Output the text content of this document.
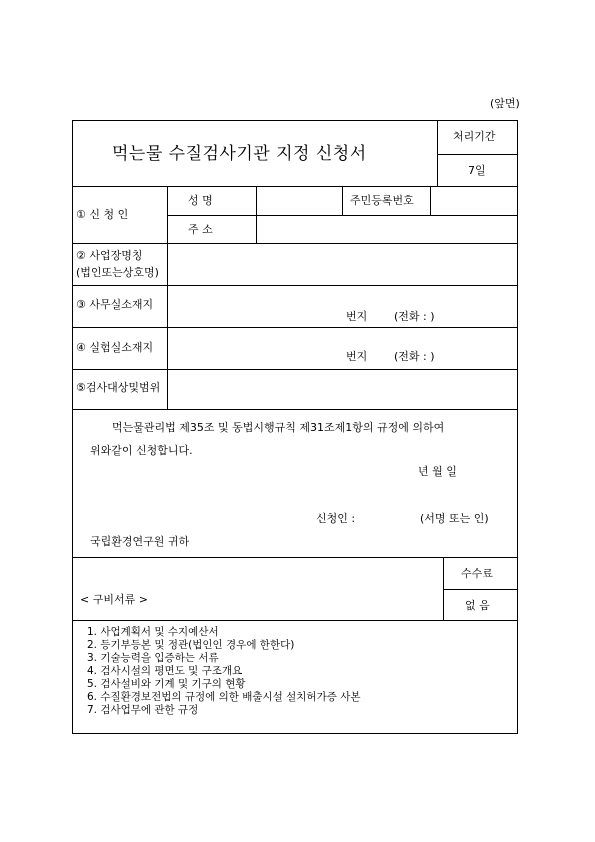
(앞면)
먹는물 수질검사기관 지정 신청서
처리기간
7일
① 신 청 인
성 명	주민등록번호
주 소
② 사업장명칭
(법인또는상호명)
③ 사무실소재지
번지 (전화 : )
④ 실험실소재지
번지 (전화 : )
⑤검사대상및범위
먹는물관리법 제35조 및 동법시행규칙 제31조제1항의 규정에 의하여
위와같이 신청합니다.
년 월 일
신청인 :	(서명 또는 인)
국립환경연구원 귀하
수수료
없 음
< 구비서류 >
1. 사업계획서 및 수지예산서
2. 등기부등본 및 정관(법인인 경우에 한한다)
3. 기술능력을 입증하는 서류
4. 검사시설의 평면도 및 구조개요
5. 검사설비와 기계 및 기구의 현황
6. 수질환경보전법의 규정에 의한 배출시설 설치허가증 사본
7. 검사업무에 관한 규정
